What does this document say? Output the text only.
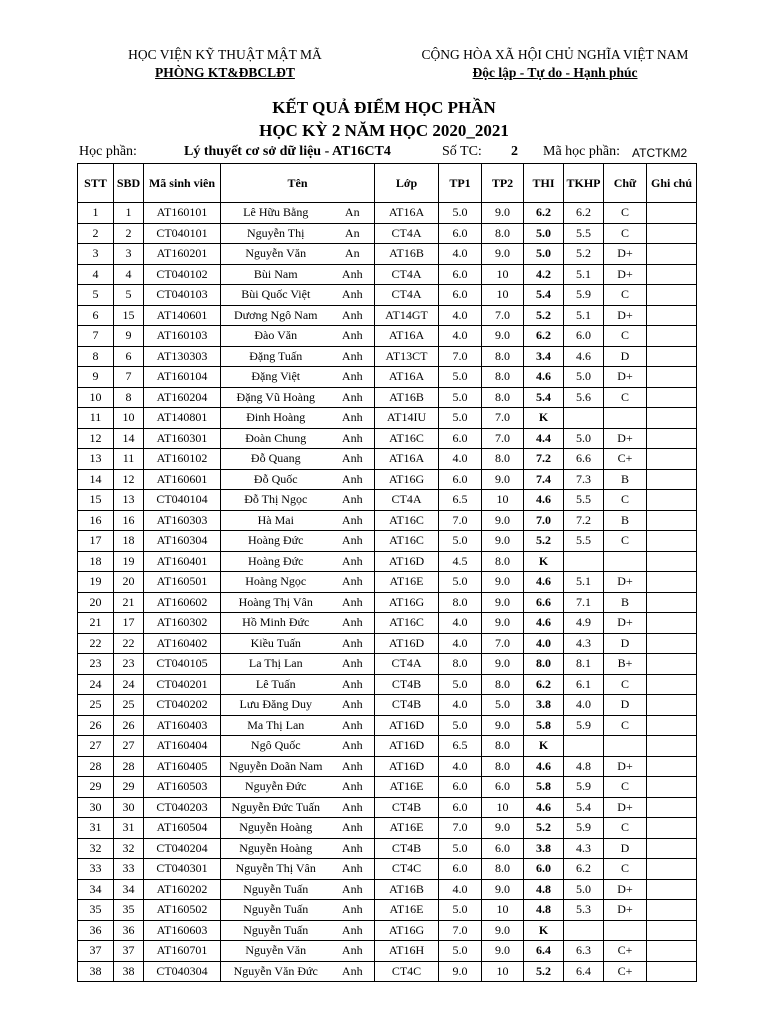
HỌC VIỆN KỸ THUẬT MẬT MÃ
PHÒNG KT&ĐBCLĐT
CỘNG HÒA XÃ HỘI CHỦ NGHĨA VIỆT NAM
Độc lập - Tự do - Hạnh phúc
KẾT QUẢ ĐIỂM HỌC PHẦN
HỌC KỲ 2 NĂM HỌC 2020_2021
Học phần:	Lý thuyết cơ sở dữ liệu - AT16CT4	Số TC: 2 Mã học phần: ATCTKM2
STT	SBD	Mã sinh viên	Tên		Lớp	TP1	TP2	THI	TKHP	Chữ	Ghi chú
1	1	AT160101	Lê Hữu Bằng	An	AT16A	5.0	9.0	6.2	6.2	C	
2	2	CT040101	Nguyễn Thị	An	CT4A	6.0	8.0	5.0	5.5	C	
3	3	AT160201	Nguyễn Văn	An	AT16B	4.0	9.0	5.0	5.2	D+	
4	4	CT040102	Bùi Nam	Anh	CT4A	6.0	10	4.2	5.1	D+	
5	5	CT040103	Bùi Quốc Việt	Anh	CT4A	6.0	10	5.4	5.9	C	
6	15	AT140601	Dương Ngô Nam	Anh	AT14GT	4.0	7.0	5.2	5.1	D+	
7	9	AT160103	Đào Văn	Anh	AT16A	4.0	9.0	6.2	6.0	C	
8	6	AT130303	Đặng Tuấn	Anh	AT13CT	7.0	8.0	3.4	4.6	D	
9	7	AT160104	Đặng Việt	Anh	AT16A	5.0	8.0	4.6	5.0	D+	
10	8	AT160204	Đặng Vũ Hoàng	Anh	AT16B	5.0	8.0	5.4	5.6	C	
11	10	AT140801	Đinh Hoàng	Anh	AT14IU	5.0	7.0	K			
12	14	AT160301	Đoàn Chung	Anh	AT16C	6.0	7.0	4.4	5.0	D+	
13	11	AT160102	Đỗ Quang	Anh	AT16A	4.0	8.0	7.2	6.6	C+	
14	12	AT160601	Đỗ Quốc	Anh	AT16G	6.0	9.0	7.4	7.3	B	
15	13	CT040104	Đỗ Thị Ngọc	Anh	CT4A	6.5	10	4.6	5.5	C	
16	16	AT160303	Hà Mai	Anh	AT16C	7.0	9.0	7.0	7.2	B	
17	18	AT160304	Hoàng Đức	Anh	AT16C	5.0	9.0	5.2	5.5	C	
18	19	AT160401	Hoàng Đức	Anh	AT16D	4.5	8.0	K			
19	20	AT160501	Hoàng Ngọc	Anh	AT16E	5.0	9.0	4.6	5.1	D+	
20	21	AT160602	Hoàng Thị Vân	Anh	AT16G	8.0	9.0	6.6	7.1	B	
21	17	AT160302	Hồ Minh Đức	Anh	AT16C	4.0	9.0	4.6	4.9	D+	
22	22	AT160402	Kiều Tuấn	Anh	AT16D	4.0	7.0	4.0	4.3	D	
23	23	CT040105	La Thị Lan	Anh	CT4A	8.0	9.0	8.0	8.1	B+	
24	24	CT040201	Lê Tuấn	Anh	CT4B	5.0	8.0	6.2	6.1	C	
25	25	CT040202	Lưu Đăng Duy	Anh	CT4B	4.0	5.0	3.8	4.0	D	
26	26	AT160403	Ma Thị Lan	Anh	AT16D	5.0	9.0	5.8	5.9	C	
27	27	AT160404	Ngô Quốc	Anh	AT16D	6.5	8.0	K			
28	28	AT160405	Nguyễn Doãn Nam	Anh	AT16D	4.0	8.0	4.6	4.8	D+	
29	29	AT160503	Nguyễn Đức	Anh	AT16E	6.0	6.0	5.8	5.9	C	
30	30	CT040203	Nguyễn Đức Tuấn	Anh	CT4B	6.0	10	4.6	5.4	D+	
31	31	AT160504	Nguyễn Hoàng	Anh	AT16E	7.0	9.0	5.2	5.9	C	
32	32	CT040204	Nguyễn Hoàng	Anh	CT4B	5.0	6.0	3.8	4.3	D	
33	33	CT040301	Nguyễn Thị Vân	Anh	CT4C	6.0	8.0	6.0	6.2	C	
34	34	AT160202	Nguyễn Tuấn	Anh	AT16B	4.0	9.0	4.8	5.0	D+	
35	35	AT160502	Nguyễn Tuấn	Anh	AT16E	5.0	10	4.8	5.3	D+	
36	36	AT160603	Nguyễn Tuấn	Anh	AT16G	7.0	9.0	K			
37	37	AT160701	Nguyễn Văn	Anh	AT16H	5.0	9.0	6.4	6.3	C+	
38	38	CT040304	Nguyễn Văn Đức	Anh	CT4C	9.0	10	5.2	6.4	C+	
